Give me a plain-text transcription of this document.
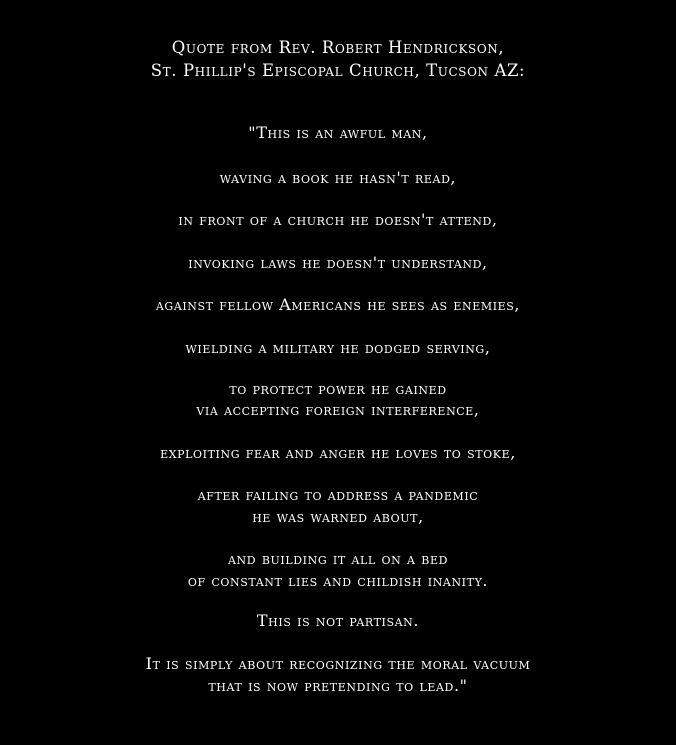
Quote from Rev. Robert Hendrickson,
St. Phillip's Episcopal Church, Tucson AZ:
"This is an awful man,
waving a book he hasn't read,
in front of a church he doesn't attend,
invoking laws he doesn't understand,
against fellow Americans he sees as enemies,
wielding a military he dodged serving,
to protect power he gained
via accepting foreign interference,
exploiting fear and anger he loves to stoke,
after failing to address a pandemic
he was warned about,
and building it all on a bed
of constant lies and childish inanity.
This is not partisan.
It is simply about recognizing the moral vacuum
that is now pretending to lead."
